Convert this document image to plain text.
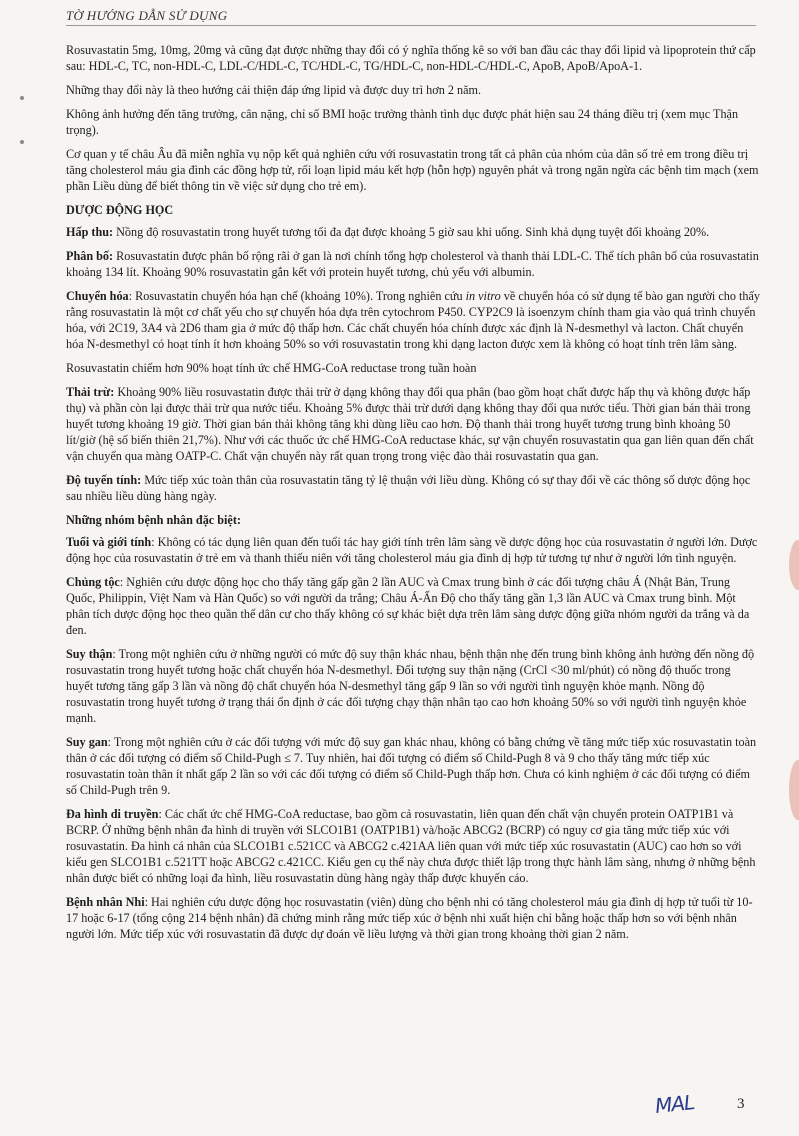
TỜ HƯỚNG DẪN SỬ DỤNG

Rosuvastatin 5mg, 10mg, 20mg và cũng đạt được những thay đổi có ý nghĩa thống kê so với ban đầu các thay đổi lipid và lipoprotein thứ cấp sau: HDL-C, TC, non-HDL-C, LDL-C/HDL-C, TC/HDL-C, TG/HDL-C, non-HDL-C/HDL-C, ApoB, ApoB/ApoA-1.

Những thay đổi này là theo hướng cải thiện đáp ứng lipid và được duy trì hơn 2 năm.

Không ảnh hưởng đến tăng trưởng, cân nặng, chỉ số BMI hoặc trưởng thành tình dục được phát hiện sau 24 tháng điều trị (xem mục Thận trọng).

Cơ quan y tế châu Âu đã miễn nghĩa vụ nộp kết quả nghiên cứu với rosuvastatin trong tất cả phân của nhóm của dân số trẻ em trong điều trị tăng cholesterol máu gia đình các đồng hợp tử, rối loạn lipid máu kết hợp (hỗn hợp) nguyên phát và trong ngăn ngừa các bệnh tim mạch (xem phần Liều dùng để biết thông tin về việc sử dụng cho trẻ em).

DƯỢC ĐỘNG HỌC

Hấp thu: Nồng độ rosuvastatin trong huyết tương tối đa đạt được khoảng 5 giờ sau khi uống. Sinh khả dụng tuyệt đối khoảng 20%.

Phân bố: Rosuvastatin được phân bố rộng rãi ở gan là nơi chính tổng hợp cholesterol và thanh thải LDL-C. Thể tích phân bố của rosuvastatin khoảng 134 lít. Khoảng 90% rosuvastatin gắn kết với protein huyết tương, chủ yếu với albumin.

Chuyển hóa: Rosuvastatin chuyển hóa hạn chế (khoảng 10%). Trong nghiên cứu in vitro về chuyển hóa có sử dụng tế bào gan người cho thấy rằng rosuvastatin là một cơ chất yếu cho sự chuyển hóa dựa trên cytochrom P450. CYP2C9 là isoenzym chính tham gia vào quá trình chuyển hóa, với 2C19, 3A4 và 2D6 tham gia ở mức độ thấp hơn. Các chất chuyển hóa chính được xác định là N-desmethyl và lacton. Chất chuyển hóa N-desmethyl có hoạt tính ít hơn khoảng 50% so với rosuvastatin trong khi dạng lacton được xem là không có hoạt tính trên lâm sàng.

Rosuvastatin chiếm hơn 90% hoạt tính ức chế HMG-CoA reductase trong tuần hoàn

Thải trừ: Khoảng 90% liều rosuvastatin được thải trừ ở dạng không thay đổi qua phân (bao gồm hoạt chất được hấp thụ và không được hấp thụ) và phần còn lại được thải trừ qua nước tiểu. Khoảng 5% được thải trừ dưới dạng không thay đổi qua nước tiểu. Thời gian bán thải trong huyết tương khoảng 19 giờ. Thời gian bán thải không tăng khi dùng liều cao hơn. Độ thanh thải trong huyết tương trung bình khoảng 50 lít/giờ (hệ số biến thiên 21,7%). Như với các thuốc ức chế HMG-CoA reductase khác, sự vận chuyển rosuvastatin qua gan liên quan đến chất vận chuyển qua màng OATP-C. Chất vận chuyển này rất quan trọng trong việc đào thải rosuvastatin qua gan.

Độ tuyến tính: Mức tiếp xúc toàn thân của rosuvastatin tăng tỷ lệ thuận với liều dùng. Không có sự thay đổi về các thông số dược động học sau nhiều liều dùng hàng ngày.

Những nhóm bệnh nhân đặc biệt:

Tuổi và giới tính: Không có tác dụng liên quan đến tuổi tác hay giới tính trên lâm sàng về dược động học của rosuvastatin ở người lớn. Dược động học của rosuvastatin ở trẻ em và thanh thiếu niên với tăng cholesterol máu gia đình dị hợp tử tương tự như ở người lớn tình nguyện.

Chủng tộc: Nghiên cứu dược động học cho thấy tăng gấp gần 2 lần AUC và Cmax trung bình ở các đối tượng châu Á (Nhật Bản, Trung Quốc, Philippin, Việt Nam và Hàn Quốc) so với người da trắng; Châu Á-Ấn Độ cho thấy tăng gần 1,3 lần AUC và Cmax trung bình. Một phân tích dược động học theo quần thể dân cư cho thấy không có sự khác biệt dựa trên lâm sàng dược động giữa nhóm người da trắng và da đen.

Suy thận: Trong một nghiên cứu ở những người có mức độ suy thận khác nhau, bệnh thận nhẹ đến trung bình không ảnh hưởng đến nồng độ rosuvastatin trong huyết tương hoặc chất chuyển hóa N-desmethyl. Đối tượng suy thận nặng (CrCl <30 ml/phút) có nồng độ thuốc trong huyết tương tăng gấp 3 lần và nồng độ chất chuyển hóa N-desmethyl tăng gấp 9 lần so với người tình nguyện khỏe mạnh. Nồng độ rosuvastatin trong huyết tương ở trạng thái ổn định ở các đối tượng chạy thận nhân tạo cao hơn khoảng 50% so với người tình nguyện khỏe mạnh.

Suy gan: Trong một nghiên cứu ở các đối tượng với mức độ suy gan khác nhau, không có bằng chứng về tăng mức tiếp xúc rosuvastatin toàn thân ở các đối tượng có điểm số Child-Pugh ≤ 7. Tuy nhiên, hai đối tượng có điểm số Child-Pugh 8 và 9 cho thấy tăng mức tiếp xúc rosuvastatin toàn thân ít nhất gấp 2 lần so với các đối tượng có điểm số Child-Pugh thấp hơn. Chưa có kinh nghiệm ở các đối tượng có điểm số Child-Pugh trên 9.

Đa hình di truyền: Các chất ức chế HMG-CoA reductase, bao gồm cả rosuvastatin, liên quan đến chất vận chuyển protein OATP1B1 và BCRP. Ở những bệnh nhân đa hình di truyền với SLCO1B1 (OATP1B1) và/hoặc ABCG2 (BCRP) có nguy cơ gia tăng mức tiếp xúc với rosuvastatin. Đa hình cá nhân của SLCO1B1 c.521CC và ABCG2 c.421AA liên quan với mức tiếp xúc rosuvastatin (AUC) cao hơn so với kiểu gen SLCO1B1 c.521TT hoặc ABCG2 c.421CC. Kiểu gen cụ thể này chưa được thiết lập trong thực hành lâm sàng, nhưng ở những bệnh nhân được biết có những loại đa hình, liều rosuvastatin dùng hàng ngày thấp được khuyến cáo.

Bệnh nhân Nhi: Hai nghiên cứu dược động học rosuvastatin (viên) dùng cho bệnh nhi có tăng cholesterol máu gia đình dị hợp tử tuổi từ 10-17 hoặc 6-17 (tổng cộng 214 bệnh nhân) đã chứng minh rằng mức tiếp xúc ở bệnh nhi xuất hiện chỉ bằng hoặc thấp hơn so với bệnh nhân người lớn. Mức tiếp xúc với rosuvastatin đã được dự đoán về liều lượng và thời gian trong khoảng thời gian 2 năm.

MAL	3
